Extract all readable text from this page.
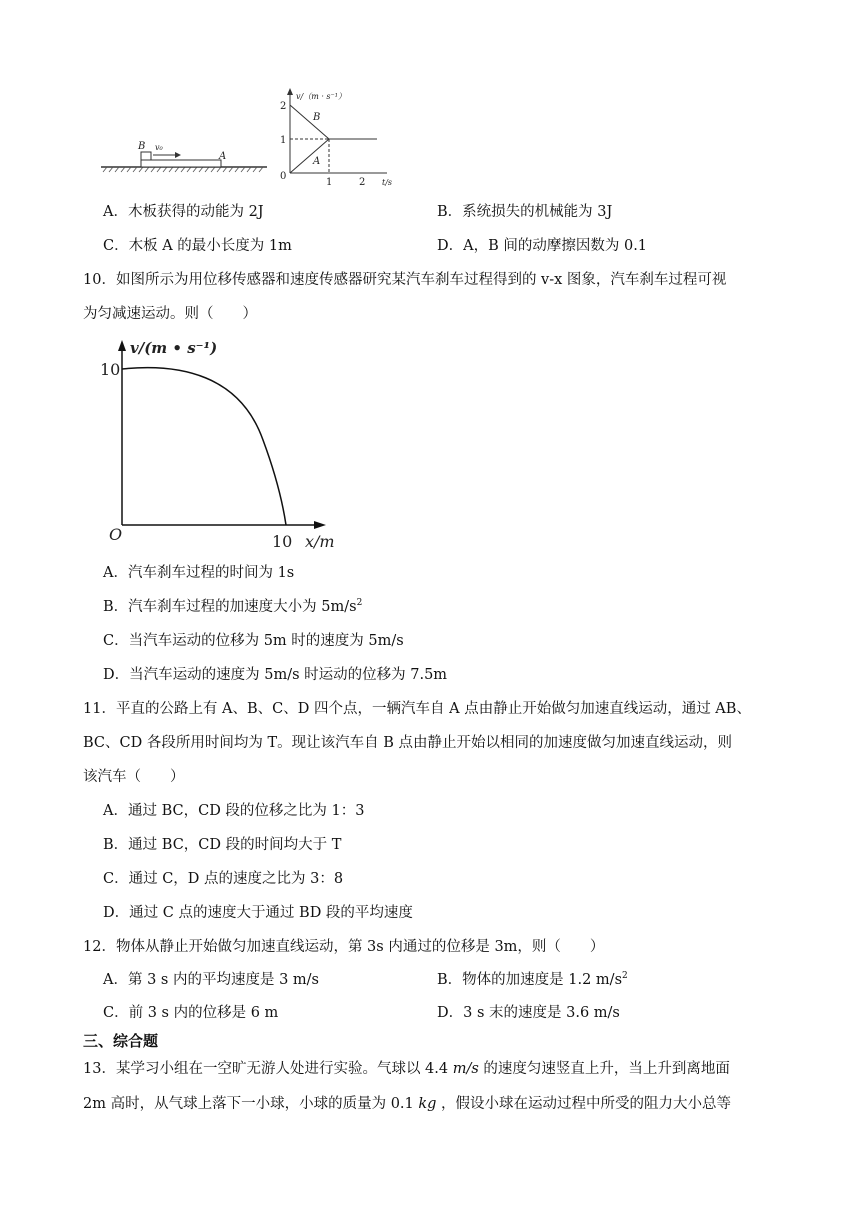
B v₀
A
v/（m · s⁻¹）
t/s
0
2
1
1	2
B
A
A．木板获得的动能为 2J	B．系统损失的机械能为 3J
C．木板 A 的最小长度为 1m	D．A，B 间的动摩擦因数为 0.1
10．如图所示为用位移传感器和速度传感器研究某汽车刹车过程得到的 v-x 图象，汽车刹车过程可视
为匀减速运动。则（　　）
v/(m • s⁻¹)
x/m
O
10
10
A．汽车刹车过程的时间为 1s
B．汽车刹车过程的加速度大小为 $5m/s^2$
C．当汽车运动的位移为 5m 时的速度为 5m/s
D．当汽车运动的速度为 5m/s 时运动的位移为 7.5m
11．平直的公路上有 A、B、C、D 四个点，一辆汽车自 A 点由静止开始做匀加速直线运动，通过 AB、
BC、CD 各段所用时间均为 T。现让该汽车自 B 点由静止开始以相同的加速度做匀加速直线运动，则
该汽车（　　）
A．通过 BC，CD 段的位移之比为 1：3
B．通过 BC，CD 段的时间均大于 T
C．通过 C，D 点的速度之比为 3：8
D．通过 C 点的速度大于通过 BD 段的平均速度
12．物体从静止开始做匀加速直线运动，第 3s 内通过的位移是 3m，则（　　）
A．第 3 s 内的平均速度是 3 m/s	B．物体的加速度是 1.2 $m/s^2$
C．前 3 s 内的位移是 6 m	D．3 s 末的速度是 3.6 m/s
三、综合题
13．某学习小组在一空旷无游人处进行实验。气球以 4.4 m/s 的速度匀速竖直上升，当上升到离地面
2m 高时，从气球上落下一小球，小球的质量为 0.1 kg ，假设小球在运动过程中所受的阻力大小总等
